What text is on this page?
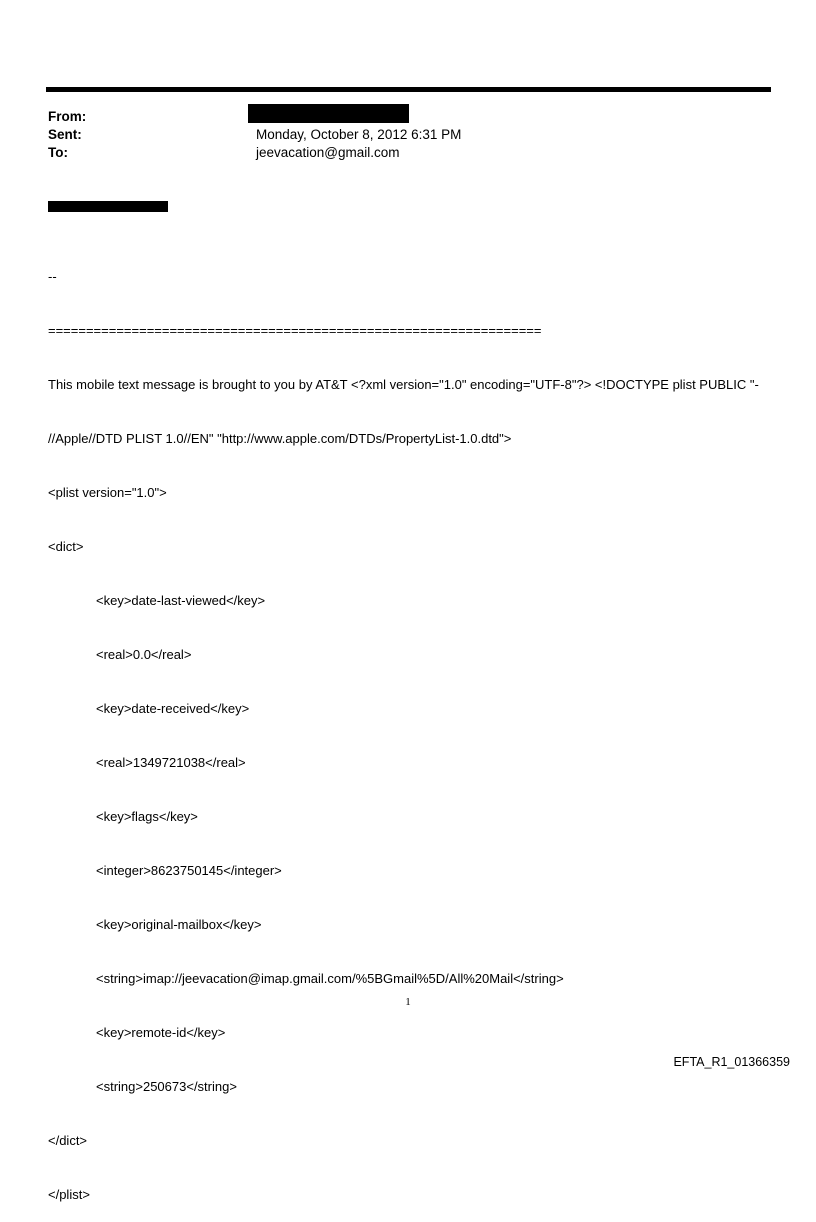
From:
Sent:	Monday, October 8, 2012 6:31 PM
To:	jeevacation@gmail.com

--

=================================================================

This mobile text message is brought to you by AT&T <?xml version="1.0" encoding="UTF-8"?> <!DOCTYPE plist PUBLIC "-

//Apple//DTD PLIST 1.0//EN" "http://www.apple.com/DTDs/PropertyList-1.0.dtd">

<plist version="1.0">

<dict>

<key>date-last-viewed</key>

<real>0.0</real>

<key>date-received</key>

<real>1349721038</real>

<key>flags</key>

<integer>8623750145</integer>

<key>original-mailbox</key>

<string>imap://jeevacation@imap.gmail.com/%5BGmail%5D/All%20Mail</string>

<key>remote-id</key>

<string>250673</string>

</dict>

</plist>

1
EFTA_R1_01366359
